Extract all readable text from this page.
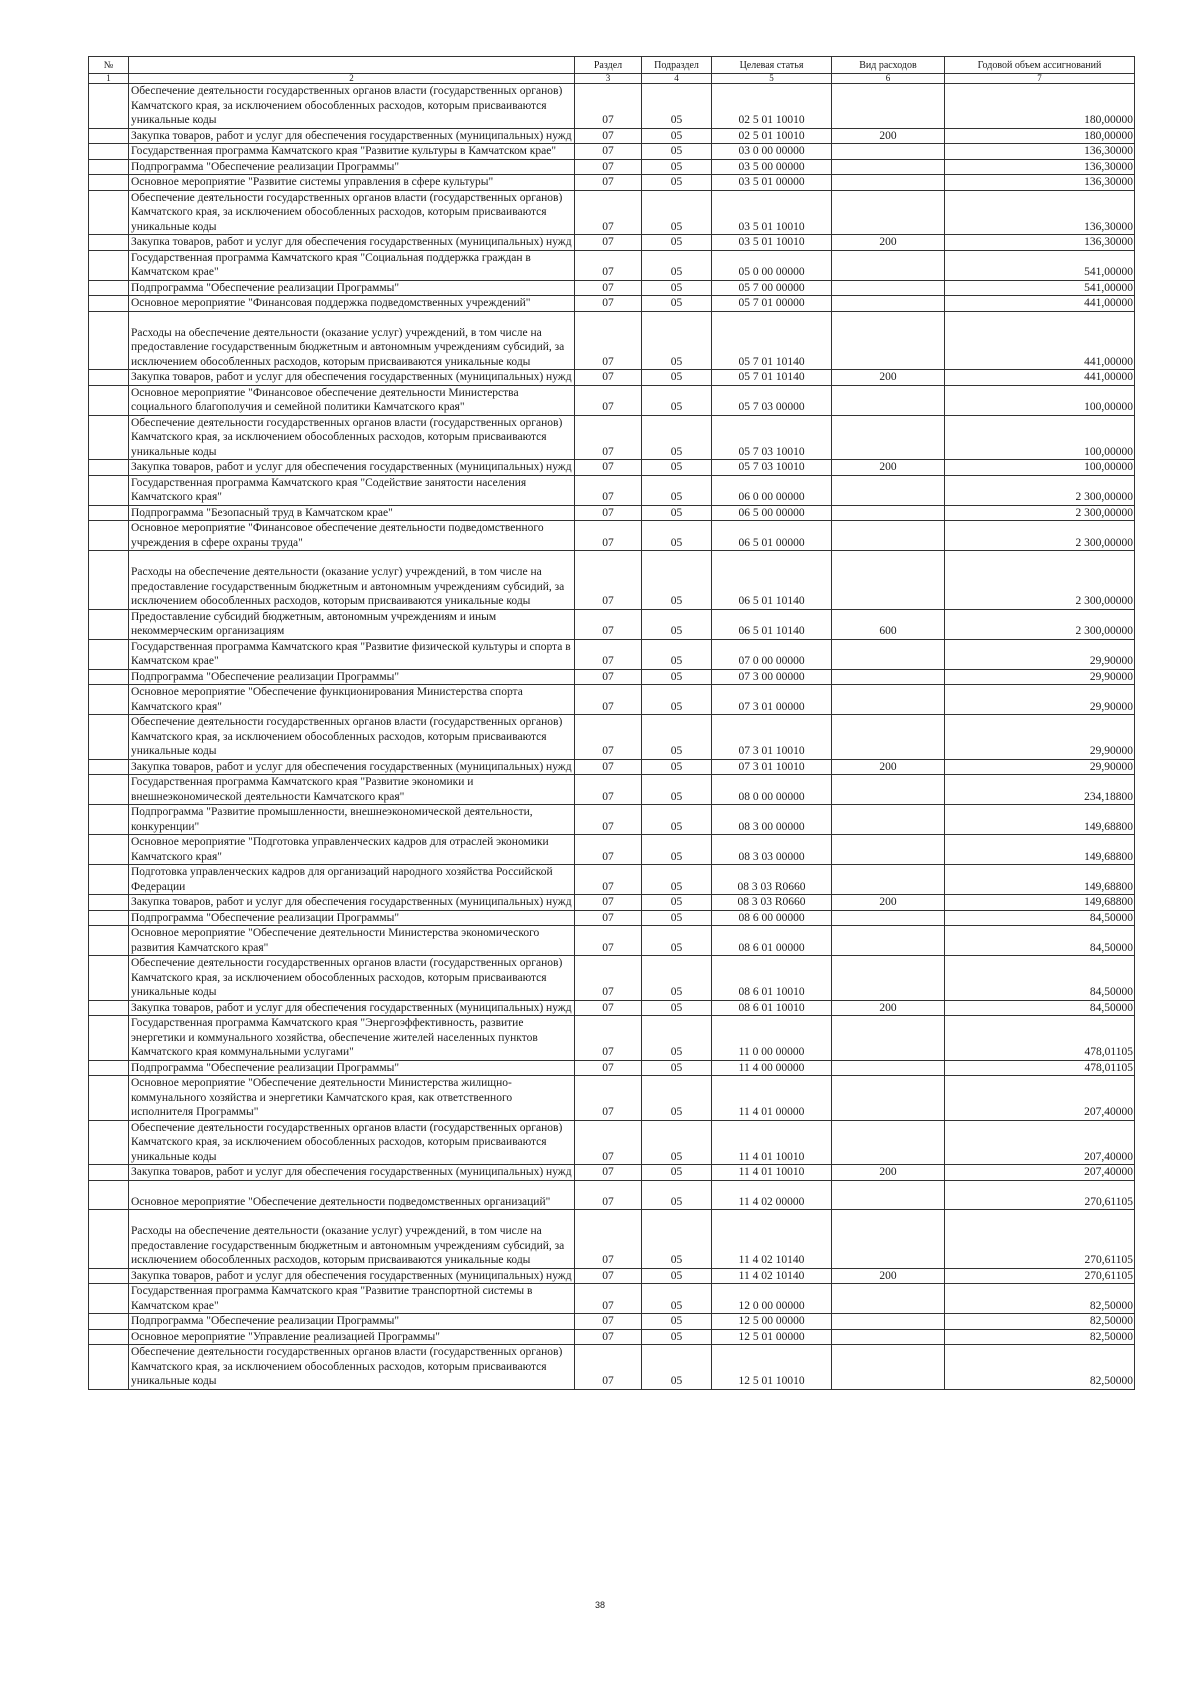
№		Раздел	Подраздел	Целевая статья	Вид расходов	Годовой объем ассигнований
1	2	3	4	5	6	7
	Обеспечение деятельности государственных органов власти (государственных органов) Камчатского края, за исключением обособленных расходов, которым присваиваются уникальные коды	07	05	02 5 01 10010		180,00000
	Закупка товаров, работ и услуг для обеспечения государственных (муниципальных) нужд	07	05	02 5 01 10010	200	180,00000
	Государственная программа Камчатского края "Развитие культуры в Камчатском крае"	07	05	03 0 00 00000		136,30000
	Подпрограмма "Обеспечение реализации Программы"	07	05	03 5 00 00000		136,30000
	Основное мероприятие "Развитие системы управления в сфере культуры"	07	05	03 5 01 00000		136,30000
	Обеспечение деятельности государственных органов власти (государственных органов) Камчатского края, за исключением обособленных расходов, которым присваиваются уникальные коды	07	05	03 5 01 10010		136,30000
	Закупка товаров, работ и услуг для обеспечения государственных (муниципальных) нужд	07	05	03 5 01 10010	200	136,30000
	Государственная программа Камчатского края "Социальная поддержка граждан в Камчатском крае"	07	05	05 0 00 00000		541,00000
	Подпрограмма "Обеспечение реализации Программы"	07	05	05 7 00 00000		541,00000
	Основное мероприятие "Финансовая поддержка подведомственных учреждений"	07	05	05 7 01 00000		441,00000
	Расходы на обеспечение деятельности (оказание услуг) учреждений, в том числе на предоставление государственным бюджетным и автономным учреждениям субсидий, за исключением обособленных расходов, которым присваиваются уникальные коды	07	05	05 7 01 10140		441,00000
	Закупка товаров, работ и услуг для обеспечения государственных (муниципальных) нужд	07	05	05 7 01 10140	200	441,00000
	Основное мероприятие "Финансовое обеспечение деятельности Министерства социального благополучия и семейной политики Камчатского края"	07	05	05 7 03 00000		100,00000
	Обеспечение деятельности государственных органов власти (государственных органов) Камчатского края, за исключением обособленных расходов, которым присваиваются уникальные коды	07	05	05 7 03 10010		100,00000
	Закупка товаров, работ и услуг для обеспечения государственных (муниципальных) нужд	07	05	05 7 03 10010	200	100,00000
	Государственная программа Камчатского края "Содействие занятости населения Камчатского края"	07	05	06 0 00 00000		2 300,00000
	Подпрограмма "Безопасный труд в Камчатском крае"	07	05	06 5 00 00000		2 300,00000
	Основное мероприятие "Финансовое обеспечение деятельности подведомственного учреждения в сфере охраны труда"	07	05	06 5 01 00000		2 300,00000
	Расходы на обеспечение деятельности (оказание услуг) учреждений, в том числе на предоставление государственным бюджетным и автономным учреждениям субсидий, за исключением обособленных расходов, которым присваиваются уникальные коды	07	05	06 5 01 10140		2 300,00000
	Предоставление субсидий бюджетным, автономным учреждениям и иным некоммерческим организациям	07	05	06 5 01 10140	600	2 300,00000
	Государственная программа Камчатского края "Развитие физической культуры и спорта в Камчатском крае"	07	05	07 0 00 00000		29,90000
	Подпрограмма "Обеспечение реализации Программы"	07	05	07 3 00 00000		29,90000
	Основное мероприятие "Обеспечение функционирования Министерства спорта Камчатского края"	07	05	07 3 01 00000		29,90000
	Обеспечение деятельности государственных органов власти (государственных органов) Камчатского края, за исключением обособленных расходов, которым присваиваются уникальные коды	07	05	07 3 01 10010		29,90000
	Закупка товаров, работ и услуг для обеспечения государственных (муниципальных) нужд	07	05	07 3 01 10010	200	29,90000
	Государственная программа Камчатского края "Развитие экономики и внешнеэкономической деятельности Камчатского края"	07	05	08 0 00 00000		234,18800
	Подпрограмма "Развитие промышленности, внешнеэкономической деятельности, конкуренции"	07	05	08 3 00 00000		149,68800
	Основное мероприятие "Подготовка управленческих кадров для отраслей экономики Камчатского края"	07	05	08 3 03 00000		149,68800
	Подготовка управленческих кадров для организаций народного хозяйства Российской Федерации	07	05	08 3 03 R0660		149,68800
	Закупка товаров, работ и услуг для обеспечения государственных (муниципальных) нужд	07	05	08 3 03 R0660	200	149,68800
	Подпрограмма "Обеспечение реализации Программы"	07	05	08 6 00 00000		84,50000
	Основное мероприятие "Обеспечение деятельности Министерства экономического развития Камчатского края"	07	05	08 6 01 00000		84,50000
	Обеспечение деятельности государственных органов власти (государственных органов) Камчатского края, за исключением обособленных расходов, которым присваиваются уникальные коды	07	05	08 6 01 10010		84,50000
	Закупка товаров, работ и услуг для обеспечения государственных (муниципальных) нужд	07	05	08 6 01 10010	200	84,50000
	Государственная программа Камчатского края "Энергоэффективность, развитие энергетики и коммунального хозяйства, обеспечение жителей населенных пунктов Камчатского края коммунальными услугами"	07	05	11 0 00 00000		478,01105
	Подпрограмма "Обеспечение реализации Программы"	07	05	11 4 00 00000		478,01105
	Основное мероприятие "Обеспечение деятельности Министерства жилищно-коммунального хозяйства и энергетики Камчатского края, как ответственного исполнителя Программы"	07	05	11 4 01 00000		207,40000
	Обеспечение деятельности государственных органов власти (государственных органов) Камчатского края, за исключением обособленных расходов, которым присваиваются уникальные коды	07	05	11 4 01 10010		207,40000
	Закупка товаров, работ и услуг для обеспечения государственных (муниципальных) нужд	07	05	11 4 01 10010	200	207,40000
	Основное мероприятие "Обеспечение деятельности подведомственных организаций"	07	05	11 4 02 00000		270,61105
	Расходы на обеспечение деятельности (оказание услуг) учреждений, в том числе на предоставление государственным бюджетным и автономным учреждениям субсидий, за исключением обособленных расходов, которым присваиваются уникальные коды	07	05	11 4 02 10140		270,61105
	Закупка товаров, работ и услуг для обеспечения государственных (муниципальных) нужд	07	05	11 4 02 10140	200	270,61105
	Государственная программа Камчатского края "Развитие транспортной системы в Камчатском крае"	07	05	12 0 00 00000		82,50000
	Подпрограмма "Обеспечение реализации Программы"	07	05	12 5 00 00000		82,50000
	Основное мероприятие "Управление реализацией Программы"	07	05	12 5 01 00000		82,50000
	Обеспечение деятельности государственных органов власти (государственных органов) Камчатского края, за исключением обособленных расходов, которым присваиваются уникальные коды	07	05	12 5 01 10010		82,50000
38
